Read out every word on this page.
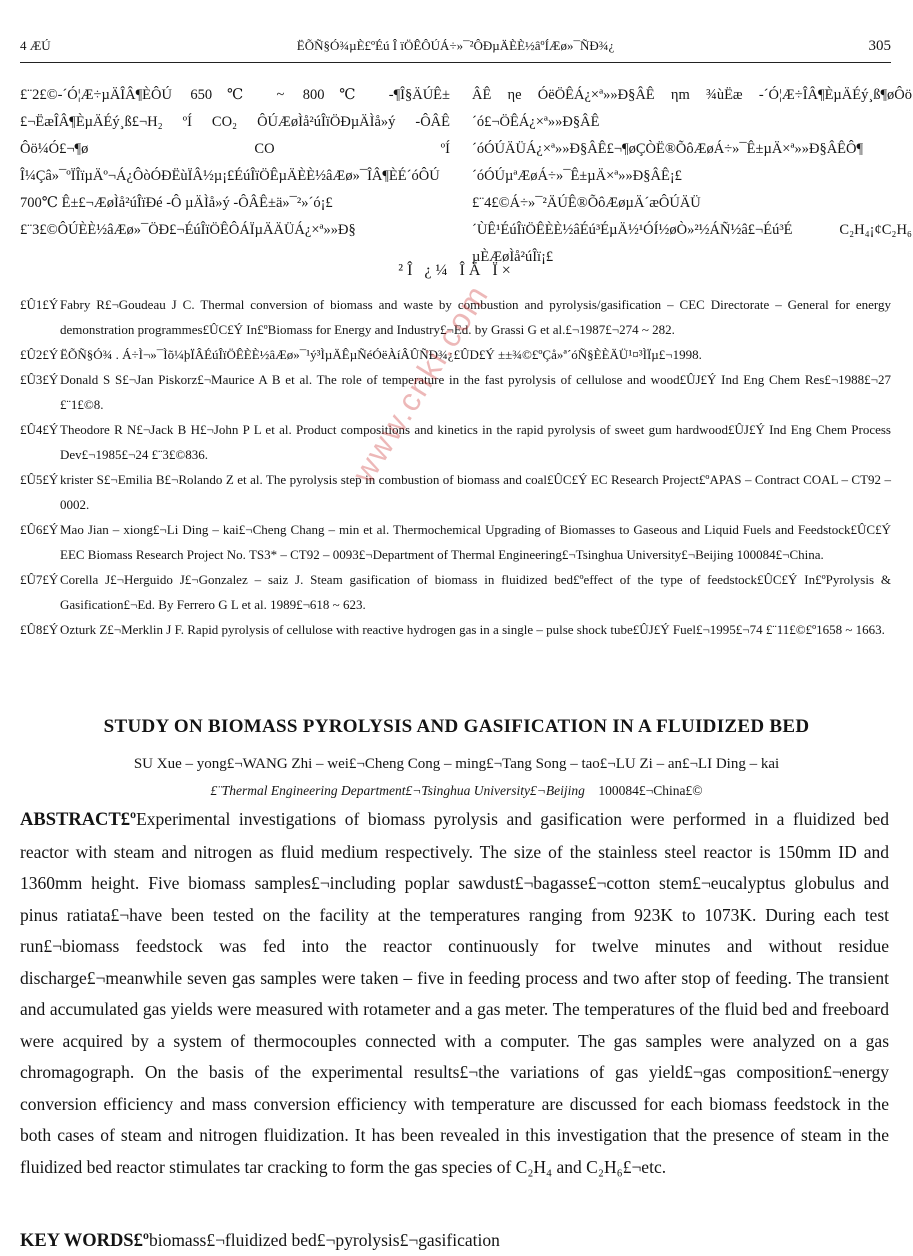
4 ÆÚ	ËÕÑ§Ó¾µÈ£ºÉú Î ïÖÊÔÚÁ÷»¯²ÔÐµÄÈÈ½âºÍÆø»¯ÑÐ¾¿	305

£¨2£©-´Ó¦Æ÷µÄÎÂ¶ÈÔÚ 650℃ ~ 800℃ -¶Î§ÄÚÊ±£¬ËæÎÂ¶ÈµÄÉý¸ß£¬H₂ ºÍ CO₂ ÔÚÆøÌå²úÎïÖÐµÄÌå»ý -ÔÂÊ Ôö¼Ó£¬¶ø CO ºÍ Î¼Çâ»¯ºÏÎïµÄº¬Á¿ÔòÓÐËùÏÂ½µ¡£ÉúÎïÖÊµÄÈÈ½âÆø»¯ÎÂ¶ÈÉ´óÔÚ 700℃ Ê±£¬ÆøÌå²úÎïÐé -Ô µÄÌå»ý -ÔÂÊ±ä»¯²»´ó¡£

£¨3£©ÔÚÈÈ½âÆø»¯ÖÐ£¬ÉúÎïÖÊÔÁÏµÄÄÜÁ¿×ª»»Ð§

ÂÊ ηe ÓëÖÊÁ¿×ª»»Ð§ÂÊ ηm ¾ùËæ -´Ó¦Æ÷ÎÂ¶ÈµÄÉý¸ß¶øÔö´ó£¬ÖÊÁ¿×ª»»Ð§ÂÊ´óÓÚÄÜÁ¿×ª»»Ð§ÂÊ£¬¶øÇÒË®ÕôÆøÁ÷»¯Ê±µÄ×ª»»Ð§ÂÊÔ¶´óÓÚµªÆøÁ÷»¯Ê±µÄ×ª»»Ð§ÂÊ¡£

£¨4£©Á÷»¯²ÄÚÊ®ÕôÆøµÄ´æÔÚÄÜ´ÙÊ¹ÉúÎïÖÊÈÈ½âÉú³ÉµÄ½¹ÓÍ½øÒ»²½ÁÑ½â£¬Éú³É C₂H₄¡¢C₂H₆ µÈÆøÌå²úÎï¡£

²Î ¿¼ ÎÄ Ï×
£Û1£Ý Fabry R£¬Goudeau J C. Thermal conversion of biomass and waste by combustion and pyrolysis/gasification – CEC Directorate – General for energy demonstration programmes£ÛC£Ý In£ºBiomass for Energy and Industry£¬Ed. by Grassi G et al.£¬1987£¬274 ~ 282.
£Û2£Ý ËÕÑ§Ó¾ . Á÷Ì¬»¯Ìõ¼þÏÂÉúÎïÖÊÈÈ½âÆø»¯¹ý³ÌµÄÊµÑéÓëÀíÂÛÑÐ¾¿£ÛD£Ý ±±¾©£ºÇå»ª´óÑ§ÈÈÄÜ¹¤³ÌÏµ£¬1998.
£Û3£Ý Donald S S£¬Jan Piskorz£¬Maurice A B et al. The role of temperature in the fast pyrolysis of cellulose and wood£ÛJ£Ý Ind Eng Chem Res£¬1988£¬27 £¨1£©8.
£Û4£Ý Theodore R N£¬Jack B H£¬John P L et al. Product compositions and kinetics in the rapid pyrolysis of sweet gum hardwood£ÛJ£Ý Ind Eng Chem Process Dev£¬1985£¬24 £¨3£©836.
£Û5£Ý krister S£¬Emilia B£¬Rolando Z et al. The pyrolysis step in combustion of biomass and coal£ÛC£Ý EC Research Project£ºAPAS – Contract COAL – CT92 – 0002.
£Û6£Ý Mao Jian – xiong£¬Li Ding – kai£¬Cheng Chang – min et al. Thermochemical Upgrading of Biomasses to Gaseous and Liquid Fuels and Feedstock£ÛC£Ý EEC Biomass Research Project No. TS3* – CT92 – 0093£¬Department of Thermal Engineering£¬Tsinghua University£¬Beijing 100084£¬China.
£Û7£Ý Corella J£¬Herguido J£¬Gonzalez – saiz J. Steam gasification of biomass in fluidized bed£ºeffect of the type of feedstock£ÛC£Ý In£ºPyrolysis & Gasification£¬Ed. By Ferrero G L et al. 1989£¬618 ~ 623.
£Û8£Ý Ozturk Z£¬Merklin J F. Rapid pyrolysis of cellulose with reactive hydrogen gas in a single – pulse shock tube£ÛJ£Ý Fuel£¬1995£¬74 £¨11£©£º1658 ~ 1663.
STUDY ON BIOMASS PYROLYSIS AND GASIFICATION IN A FLUIDIZED BED
SU Xue – yong£¬WANG Zhi – wei£¬Cheng Cong – ming£¬Tang Song – tao£¬LU Zi – an£¬LI Ding – kai
£¨Thermal Engineering Department£¬Tsinghua University£¬Beijing 100084£¬China£©
ABSTRACT£ºExperimental investigations of biomass pyrolysis and gasification were performed in a fluidized bed reactor with steam and nitrogen as fluid medium respectively. The size of the stainless steel reactor is 150mm ID and 1360mm height. Five biomass samples£¬including poplar sawdust£¬bagasse£¬cotton stem£¬eucalyptus globulus and pinus ratiata£¬have been tested on the facility at the temperatures ranging from 923K to 1073K. During each test run£¬biomass feedstock was fed into the reactor continuously for twelve minutes and without residue discharge£¬meanwhile seven gas samples were taken – five in feeding process and two after stop of feeding. The transient and accumulated gas yields were measured with rotameter and a gas meter. The temperatures of the fluid bed and freeboard were acquired by a system of thermocouples connected with a computer. The gas samples were analyzed on a gas chromagograph. On the basis of the experimental results£¬the variations of gas yield£¬gas composition£¬energy conversion efficiency and mass conversion efficiency with temperature are discussed for each biomass feedstock in the both cases of steam and nitrogen fluidization. It has been revealed in this investigation that the presence of steam in the fluidized bed reactor stimulates tar cracking to form the gas species of C₂H₄ and C₂H₆£¬etc.
KEY WORDS£ºbiomass£¬fluidized bed£¬pyrolysis£¬gasification
www.cnki.com
